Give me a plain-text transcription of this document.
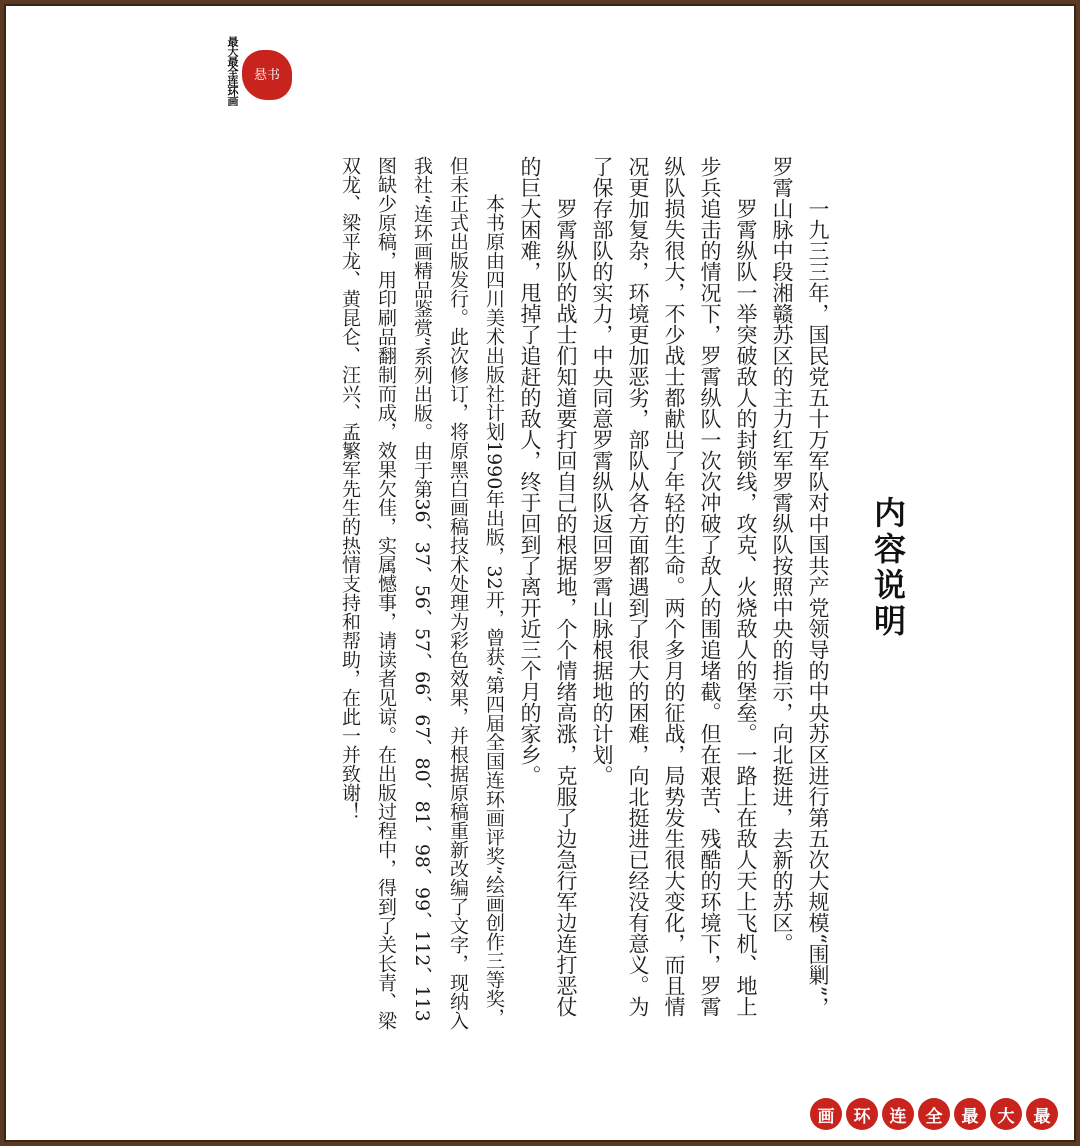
最大最全连环画	悬书
内容说明

一九三三年，国民党五十万军队对中国共产党领导的中央苏区进行第五次大规模“围剿”，罗霄山脉中段湘赣苏区的主力红军罗霄纵队按照中央的指示，向北挺进，去新的苏区。

罗霄纵队一举突破敌人的封锁线，攻克、火烧敌人的堡垒。一路上在敌人天上飞机、地上步兵追击的情况下，罗霄纵队一次次冲破了敌人的围追堵截。但在艰苦、残酷的环境下，罗霄纵队损失很大，不少战士都献出了年轻的生命。两个多月的征战，局势发生很大变化，而且情况更加复杂，环境更加恶劣，部队从各方面都遇到了很大的困难，向北挺进已经没有意义。为了保存部队的实力，中央同意罗霄纵队返回罗霄山脉根据地的计划。

罗霄纵队的战士们知道要打回自己的根据地，个个情绪高涨，克服了边急行军边连打恶仗的巨大困难，甩掉了追赶的敌人，终于回到了离开近三个月的家乡。

本书原由四川美术出版社计划1990年出版，32开，曾获“第四届全国连环画评奖”绘画创作三等奖，但未正式出版发行。此次修订，将原黑白画稿技术处理为彩色效果，并根据原稿重新改编了文字，现纳入我社“连环画精品鉴赏”系列出版。由于第36、37、56、57、66、67、80、81、98、99、112、113图缺少原稿，用印刷品翻制而成，效果欠佳，实属憾事，请读者见谅。在出版过程中，得到了关长青、梁双龙、梁平龙、黄昆仑、汪兴、孟繁军先生的热情支持和帮助，在此一并致谢！

最
大
最
全
连
环
画
